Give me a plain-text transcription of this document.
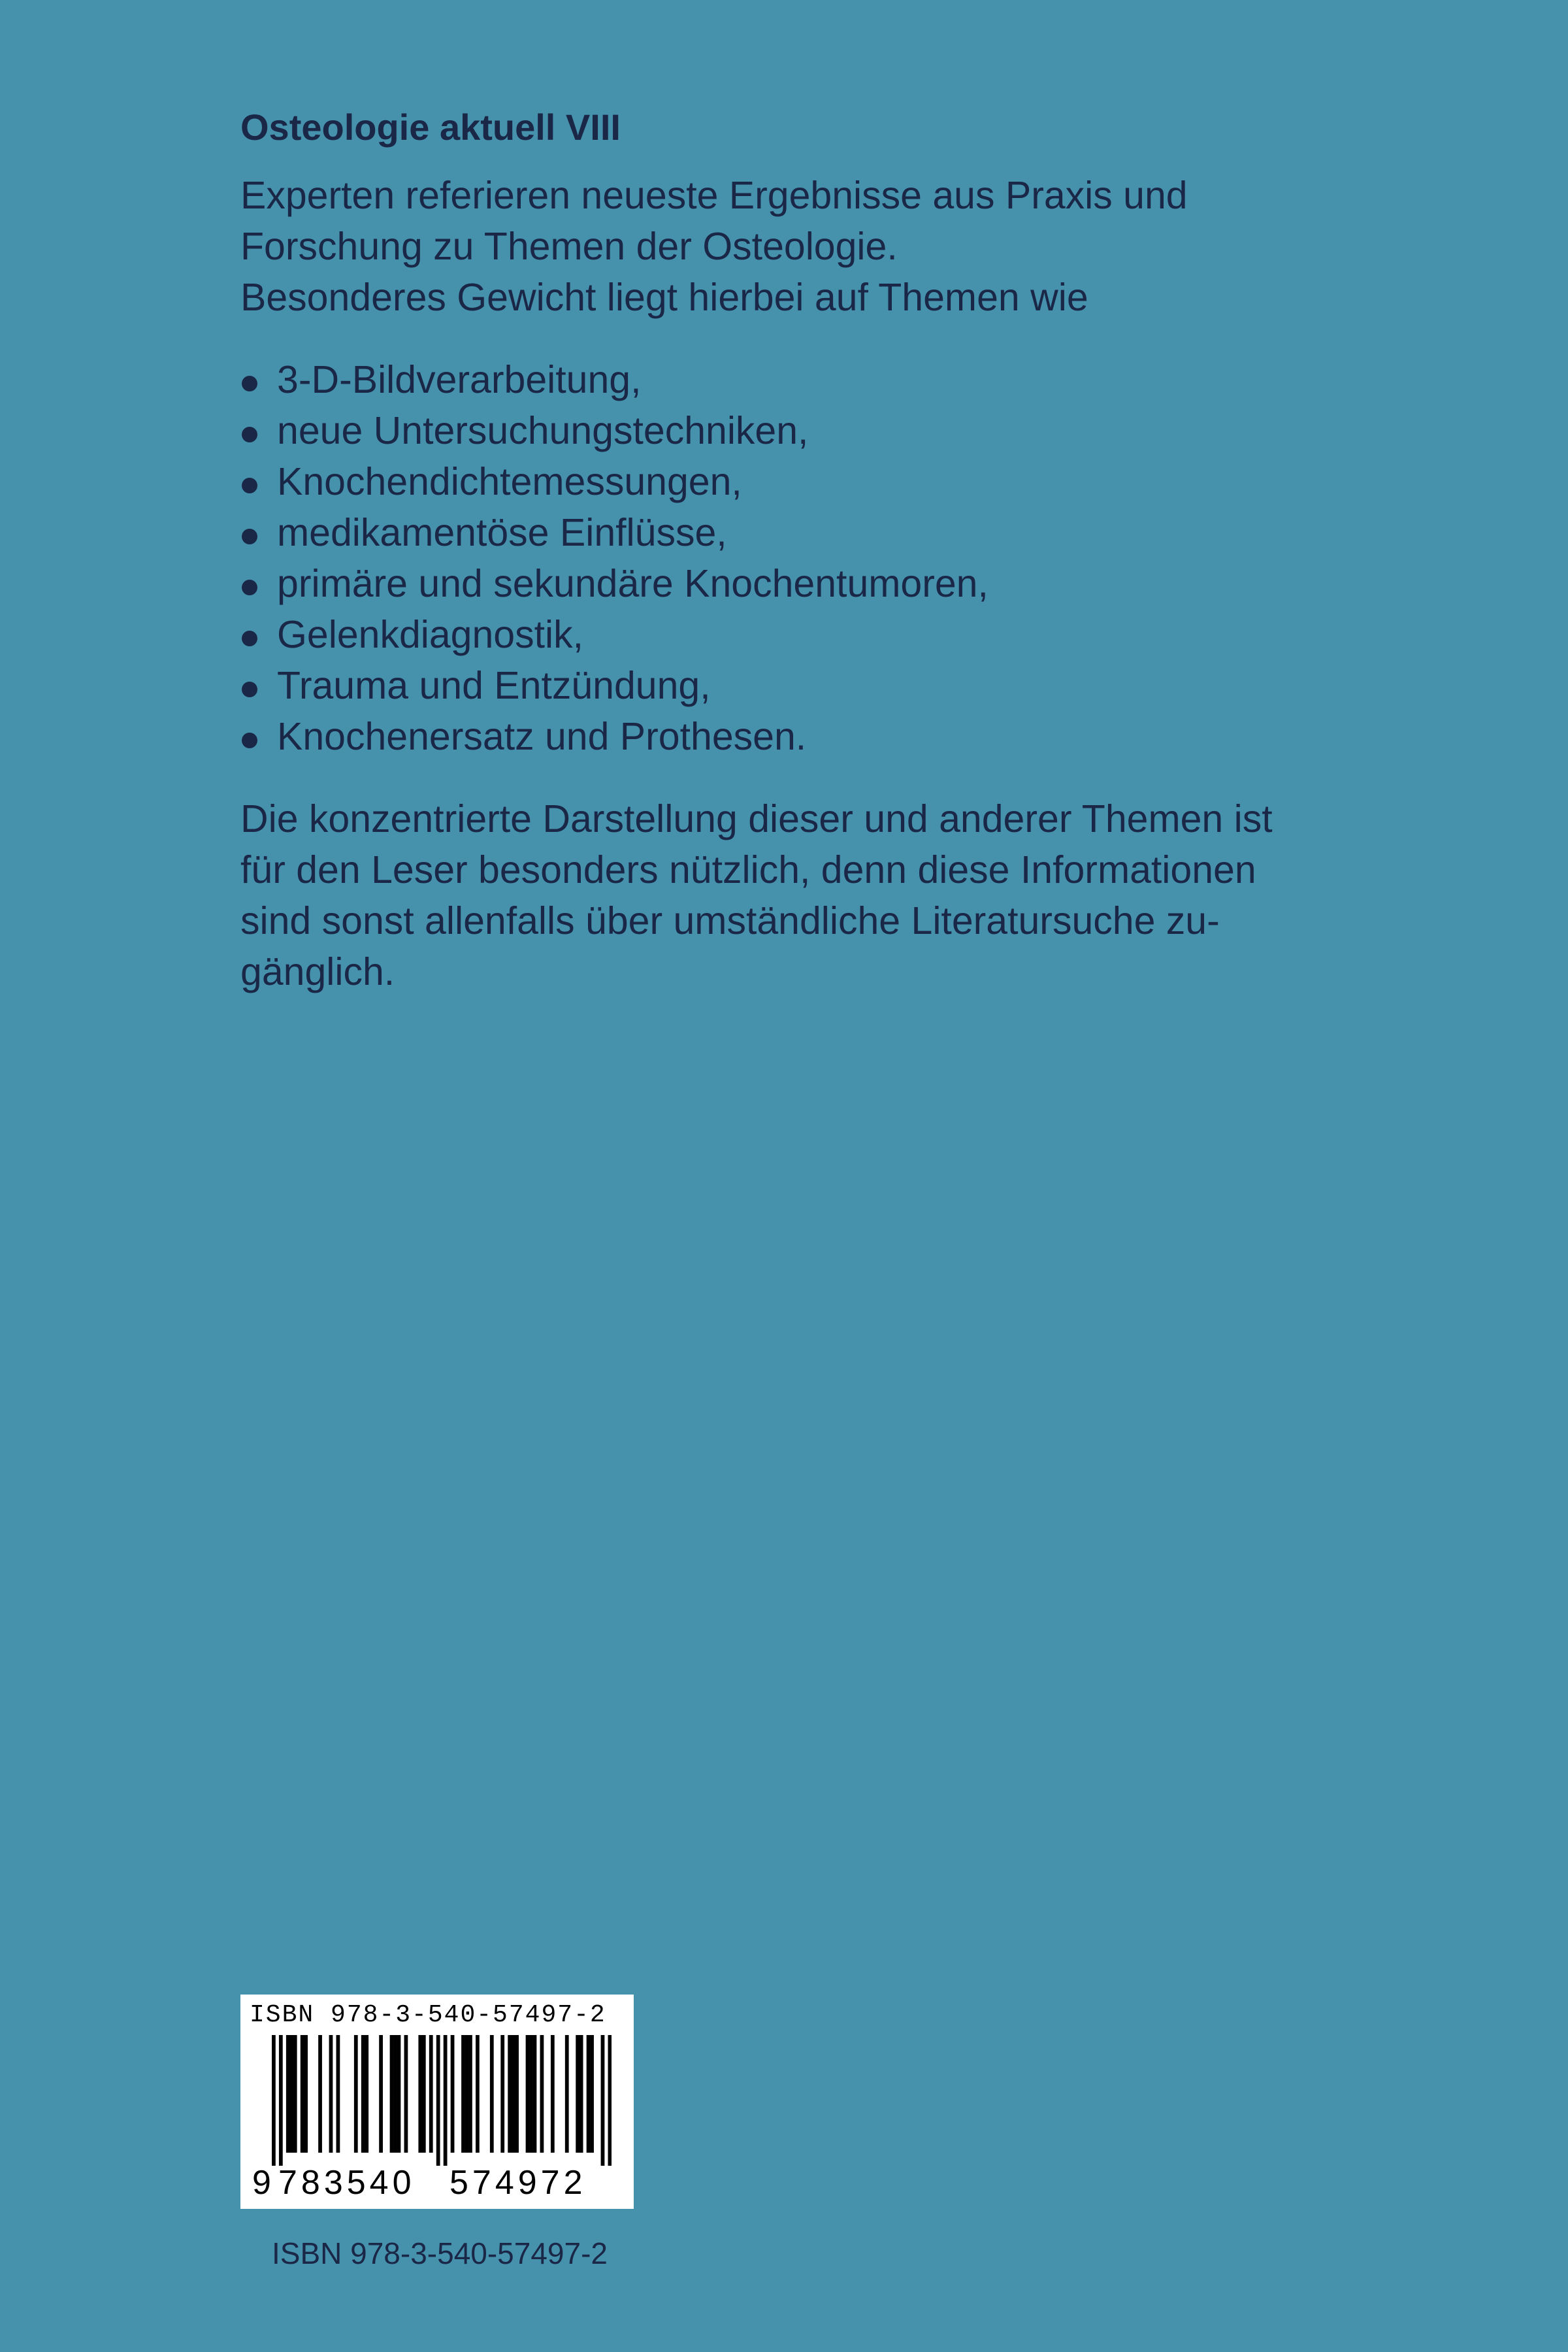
Osteologie aktuell VIII

Experten referieren neueste Ergebnisse aus Praxis und
Forschung zu Themen der Osteologie.
Besonderes Gewicht liegt hierbei auf Themen wie

3-D-Bildverarbeitung,
neue Untersuchungstechniken,
Knochendichtemessungen,
medikamentöse Einflüsse,
primäre und sekundäre Knochentumoren,
Gelenkdiagnostik,
Trauma und Entzündung,
Knochenersatz und Prothesen.

Die konzentrierte Darstellung dieser und anderer Themen ist
für den Leser besonders nützlich, denn diese Informationen
sind sonst allenfalls über umständliche Literatursuche zu-
gänglich.

ISBN 978-3-540-57497-2
9 783540 574972
ISBN 978-3-540-57497-2
